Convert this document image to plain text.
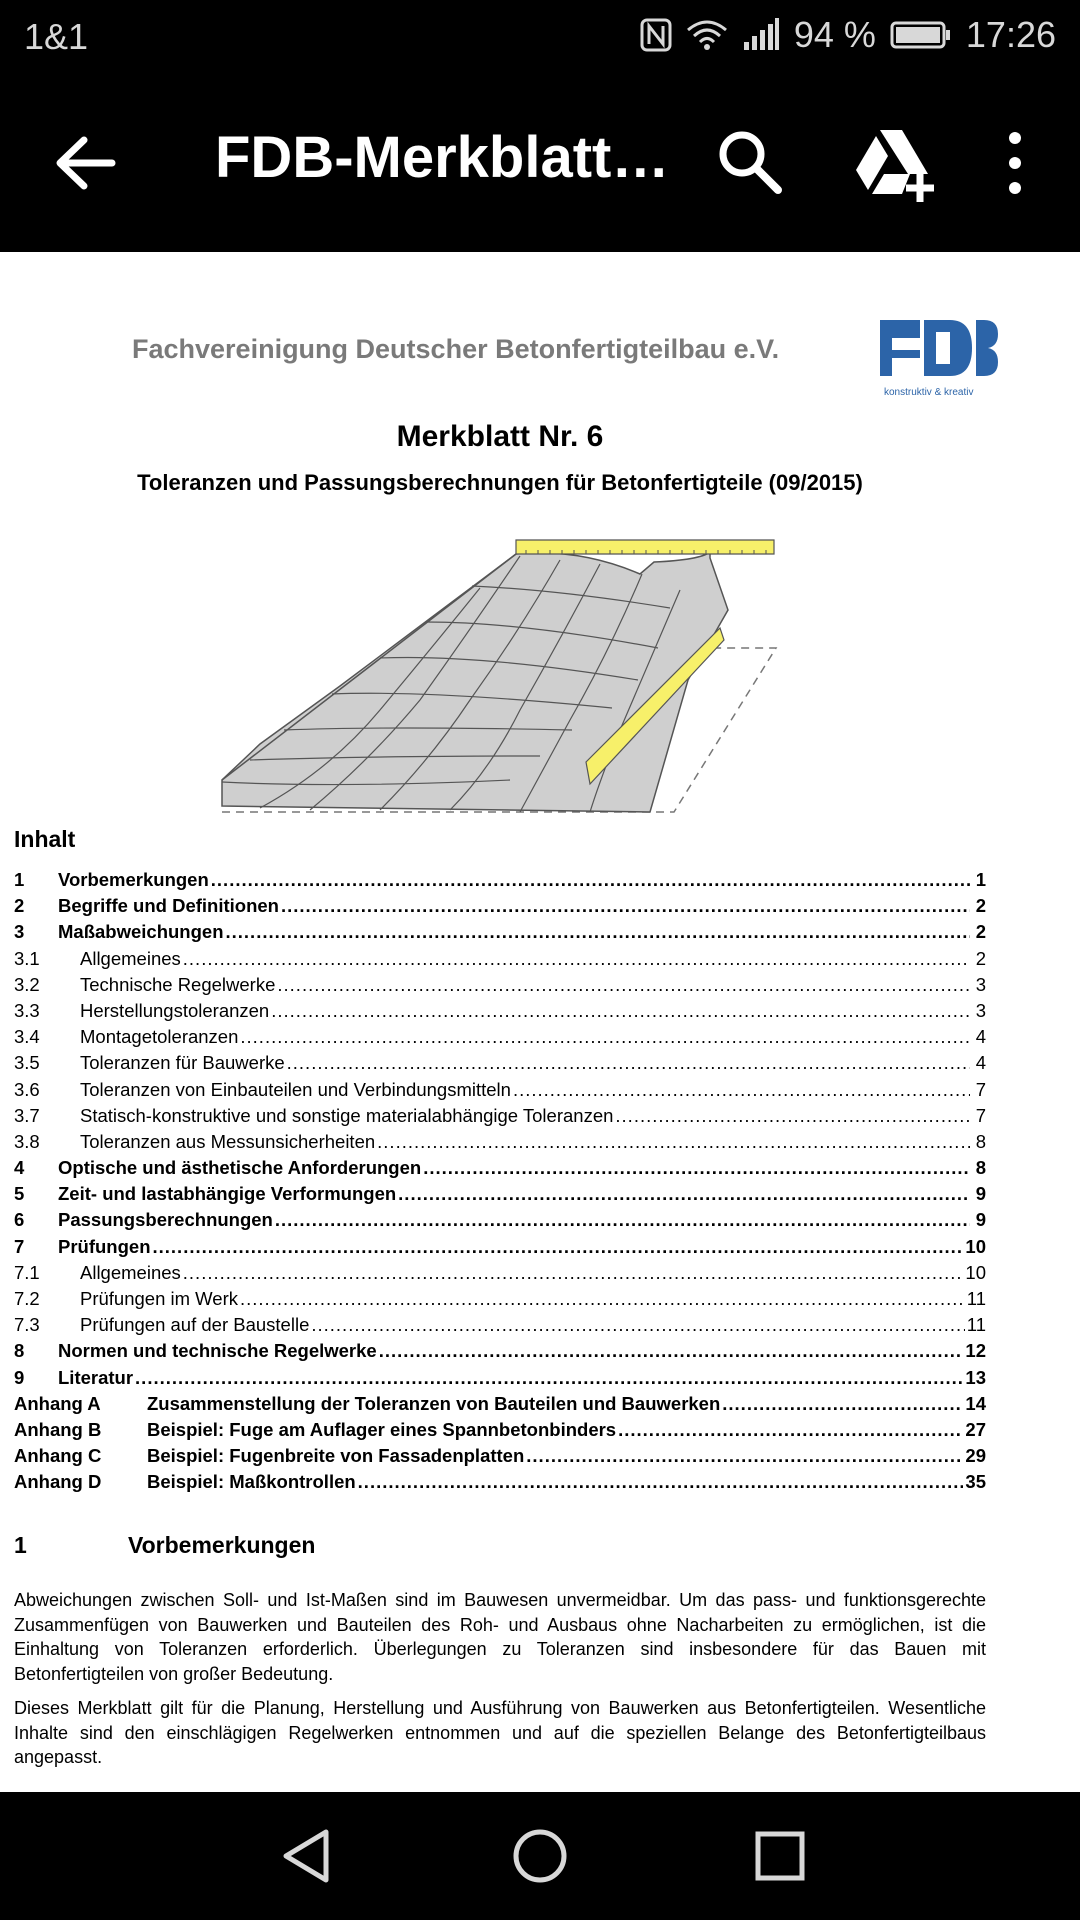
1&1	94 %	17:26
FDB-Merkblatt…
Fachvereinigung Deutscher Betonfertigteilbau e.V.
konstruktiv & kreativ
Merkblatt Nr. 6
Toleranzen und Passungsberechnungen für Betonfertigteile (09/2015)
Inhalt
1	Vorbemerkungen .....	1
2	Begriffe und Definitionen .....	2
3	Maßabweichungen .....	2
3.1	Allgemeines .....	2
3.2	Technische Regelwerke .....	3
3.3	Herstellungstoleranzen .....	3
3.4	Montagetoleranzen .....	4
3.5	Toleranzen für Bauwerke .....	4
3.6	Toleranzen von Einbauteilen und Verbindungsmitteln .....	7
3.7	Statisch-konstruktive und sonstige materialabhängige Toleranzen .....	7
3.8	Toleranzen aus Messunsicherheiten .....	8
4	Optische und ästhetische Anforderungen .....	8
5	Zeit- und lastabhängige Verformungen .....	9
6	Passungsberechnungen .....	9
7	Prüfungen .....	10
7.1	Allgemeines .....	10
7.2	Prüfungen im Werk .....	11
7.3	Prüfungen auf der Baustelle .....	11
8	Normen und technische Regelwerke .....	12
9	Literatur .....	13
Anhang A	Zusammenstellung der Toleranzen von Bauteilen und Bauwerken .....	14
Anhang B	Beispiel: Fuge am Auflager eines Spannbetonbinders .....	27
Anhang C	Beispiel: Fugenbreite von Fassadenplatten .....	29
Anhang D	Beispiel: Maßkontrollen .....	35
1	Vorbemerkungen
Abweichungen zwischen Soll- und Ist-Maßen sind im Bauwesen unvermeidbar. Um das pass- und funktionsgerechte Zusammenfügen von Bauwerken und Bauteilen des Roh- und Ausbaus ohne Nacharbeiten zu ermöglichen, ist die Einhaltung von Toleranzen erforderlich. Überlegungen zu Toleranzen sind insbesondere für das Bauen mit Betonfertigteilen von großer Bedeutung.
Dieses Merkblatt gilt für die Planung, Herstellung und Ausführung von Bauwerken aus Betonfertigteilen. Wesentliche Inhalte sind den einschlägigen Regelwerken entnommen und auf die speziellen Belange des Betonfertigteilbaus angepasst.
